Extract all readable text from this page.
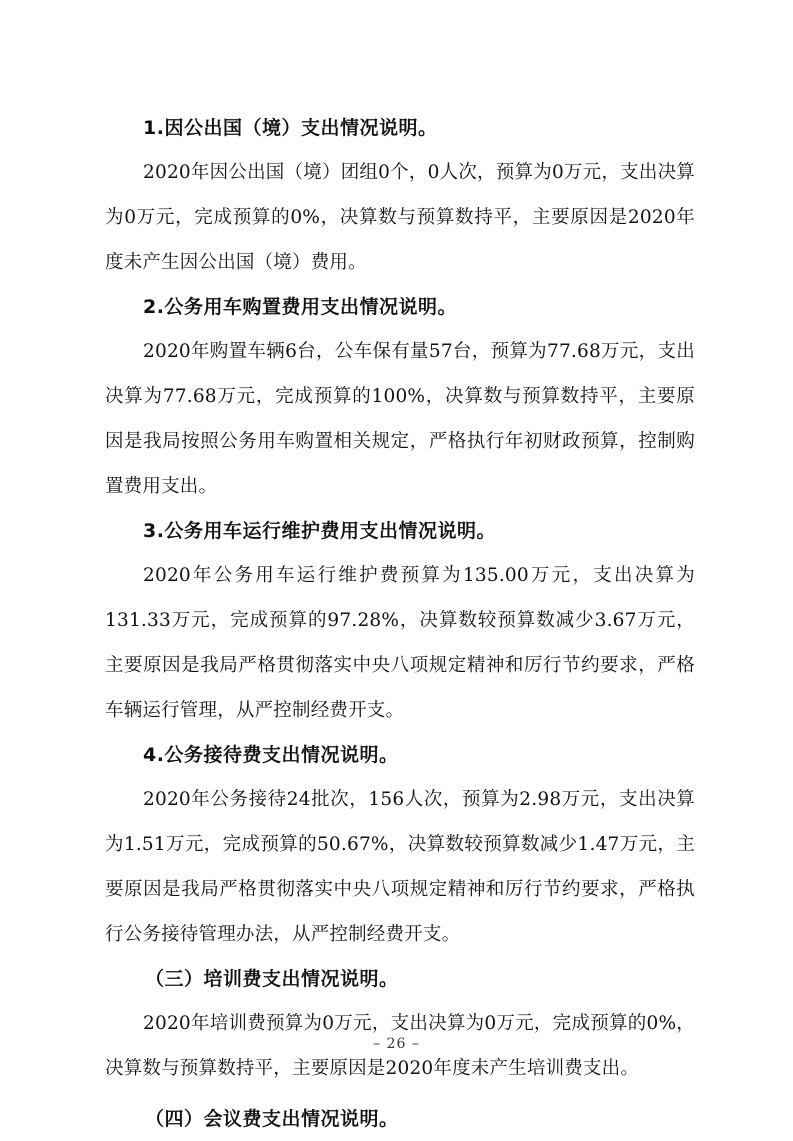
1.因公出国（境）支出情况说明。

2020年因公出国（境）团组0个，0人次，预算为0万元，支出决算为0万元，完成预算的0%，决算数与预算数持平，主要原因是2020年度未产生因公出国（境）费用。

2.公务用车购置费用支出情况说明。

2020年购置车辆6台，公车保有量57台，预算为77.68万元，支出决算为77.68万元，完成预算的100%，决算数与预算数持平，主要原因是我局按照公务用车购置相关规定，严格执行年初财政预算，控制购置费用支出。

3.公务用车运行维护费用支出情况说明。

2020年公务用车运行维护费预算为135.00万元，支出决算为131.33万元，完成预算的97.28%，决算数较预算数减少3.67万元，主要原因是我局严格贯彻落实中央八项规定精神和厉行节约要求，严格车辆运行管理，从严控制经费开支。

4.公务接待费支出情况说明。

2020年公务接待24批次，156人次，预算为2.98万元，支出决算为1.51万元，完成预算的50.67%，决算数较预算数减少1.47万元，主要原因是我局严格贯彻落实中央八项规定精神和厉行节约要求，严格执行公务接待管理办法，从严控制经费开支。

（三）培训费支出情况说明。

2020年培训费预算为0万元，支出决算为0万元，完成预算的0%，决算数与预算数持平，主要原因是2020年度未产生培训费支出。

（四）会议费支出情况说明。
– 26 –
